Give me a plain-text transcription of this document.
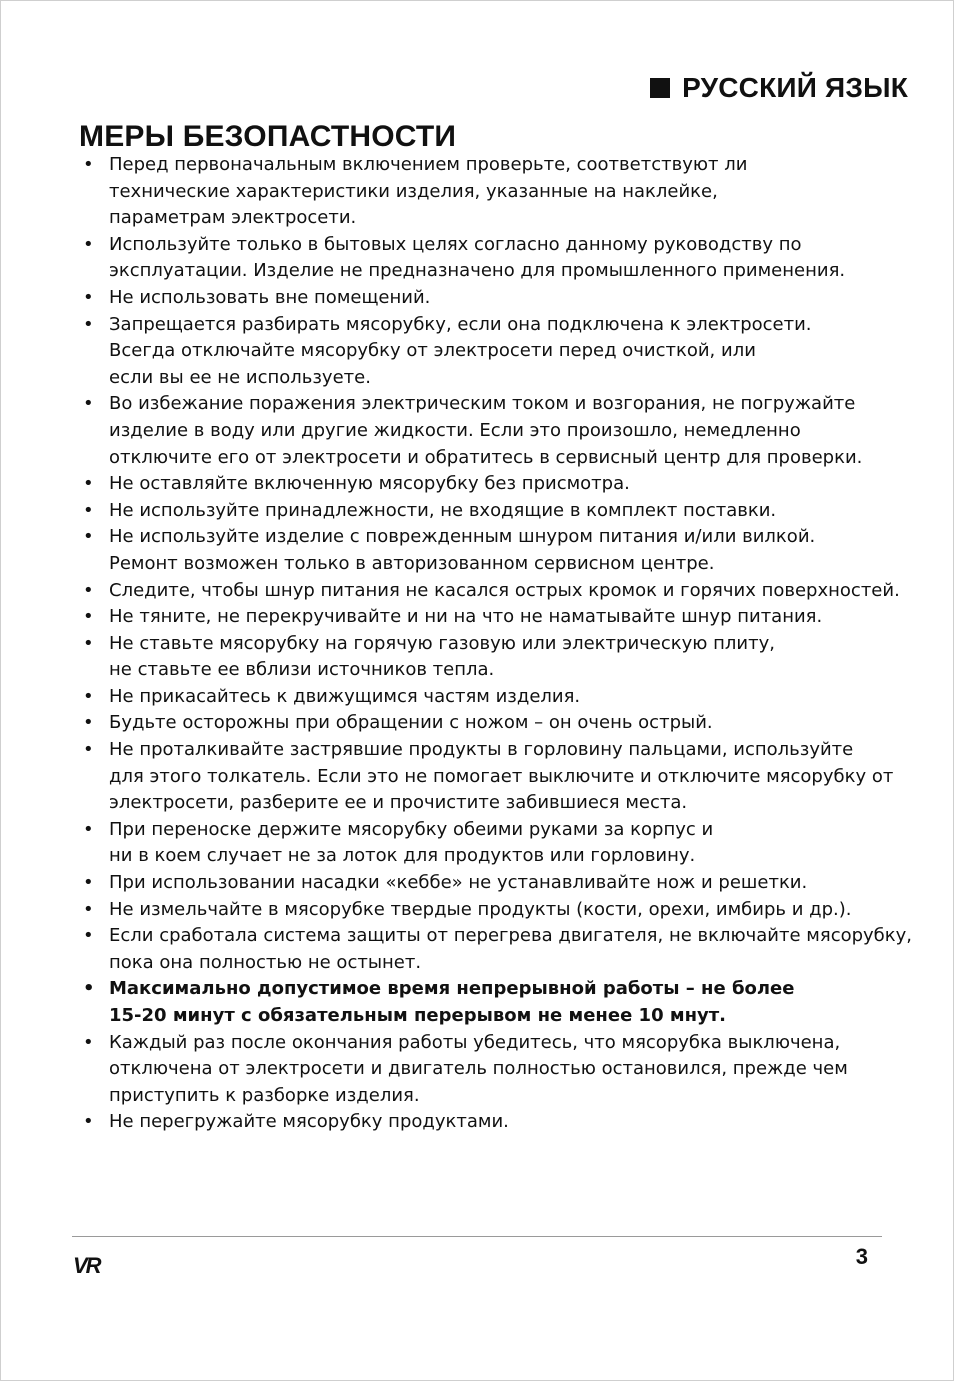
РУССКИЙ ЯЗЫК
МЕРЫ БЕЗОПАСТНОСТИ
• Перед первоначальным включением проверьте, соответствуют ли
технические характеристики изделия, указанные на наклейке,
параметрам электросети.
• Используйте только в бытовых целях согласно данному руководству по
эксплуатации. Изделие не предназначено для промышленного применения.
• Не использовать вне помещений.
• Запрещается разбирать мясорубку, если она подключена к электросети.
Всегда отключайте мясорубку от электросети перед очисткой, или
если вы ее не используете.
• Во избежание поражения электрическим током и возгорания, не погружайте
изделие в воду или другие жидкости. Если это произошло, немедленно
отключите его от электросети и обратитесь в сервисный центр для проверки.
• Не оставляйте включенную мясорубку без присмотра.
• Не используйте принадлежности, не входящие в комплект поставки.
• Не используйте изделие с поврежденным шнуром питания и/или вилкой.
Ремонт возможен только в авторизованном сервисном центре.
• Следите, чтобы шнур питания не касался острых кромок и горячих поверхностей.
• Не тяните, не перекручивайте и ни на что не наматывайте шнур питания.
• Не ставьте мясорубку на горячую газовую или электрическую плиту,
не ставьте ее вблизи источников тепла.
• Не прикасайтесь к движущимся частям изделия.
• Будьте осторожны при обращении с ножом – он очень острый.
• Не проталкивайте застрявшие продукты в горловину пальцами, используйте
для этого толкатель. Если это не помогает выключите и отключите мясорубку от
электросети, разберите ее и прочистите забившиеся места.
• При переноске держите мясорубку обеими руками за корпус и
ни в коем случает не за лоток для продуктов или горловину.
• При использовании насадки «кеббе» не устанавливайте нож и решетки.
• Не измельчайте в мясорубке твердые продукты (кости, орехи, имбирь и др.).
• Если сработала система защиты от перегрева двигателя, не включайте мясорубку,
пока она полностью не остынет.
• Максимально допустимое время непрерывной работы – не более
15-20 минут с обязательным перерывом не менее 10 мнут.
• Каждый раз после окончания работы убедитесь, что мясорубка выключена,
отключена от электросети и двигатель полностью остановился, прежде чем
приступить к разборке изделия.
• Не перегружайте мясорубку продуктами.
VR	3
